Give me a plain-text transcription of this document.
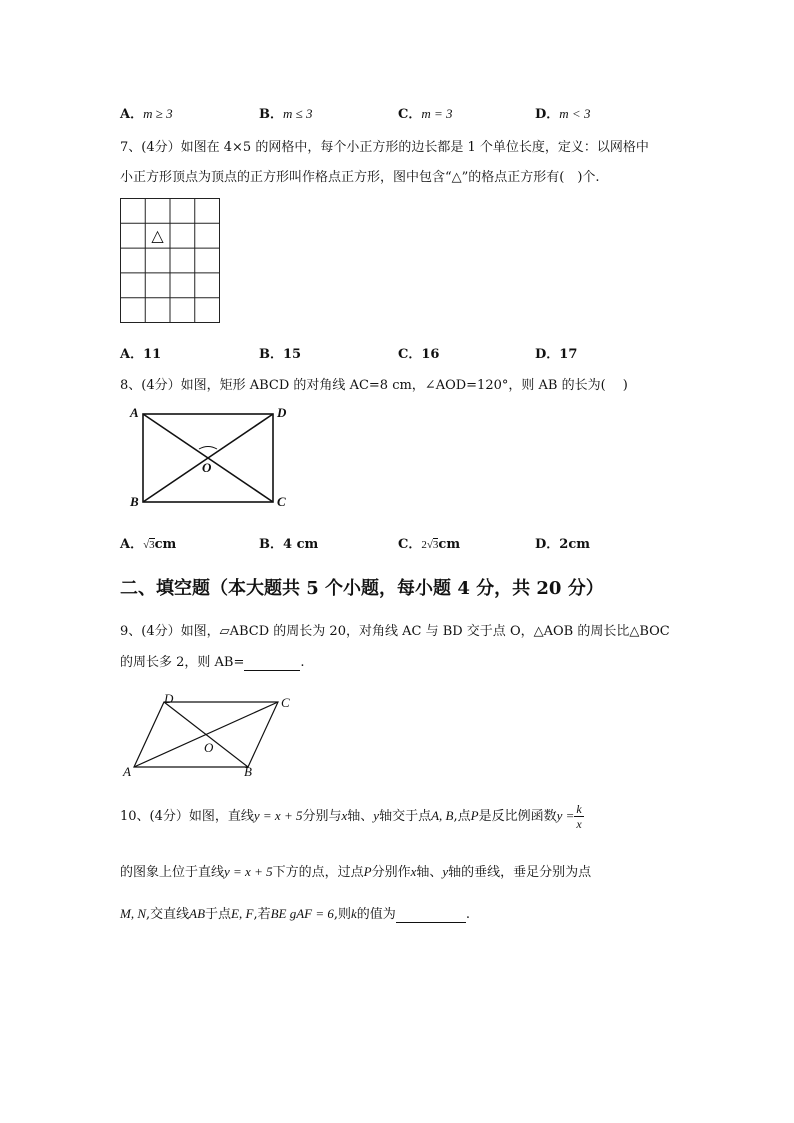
A．m ≥ 3	B．m ≤ 3	C．m = 3	D．m < 3
7、(4分）如图在 4×5 的网格中，每个小正方形的边长都是 1 个单位长度，定义：以网格中
小正方形顶点为顶点的正方形叫作格点正方形，图中包含“△”的格点正方形有(　)个.
△
A．11	B．15	C．16	D．17
8、(4分）如图，矩形 ABCD 的对角线 AC=8 cm，∠AOD=120°，则 AB 的长为(　 )
A	D
B	C
O
A．√3cm	B．4 cm	C．2√3cm	D．2cm
二、填空题（本大题共 5 个小题，每小题 4 分，共 20 分）
9、(4分）如图，▱ABCD 的周长为 20，对角线 AC 与 BD 交于点 O，△AOB 的周长比△BOC
的周长多 2，则 AB=	.
D	C
O
A	B
10、(4分）如图，直线y = x + 5分别与x轴、y轴交于点A, B,点P是反比例函数$y = \frac{k}{x}$
的图象上位于直线y = x + 5下方的点，过点P分别作x轴、y轴的垂线，垂足分别为点
M, N,交直线AB于点E, F,若BE gAF = 6,则k的值为	.
